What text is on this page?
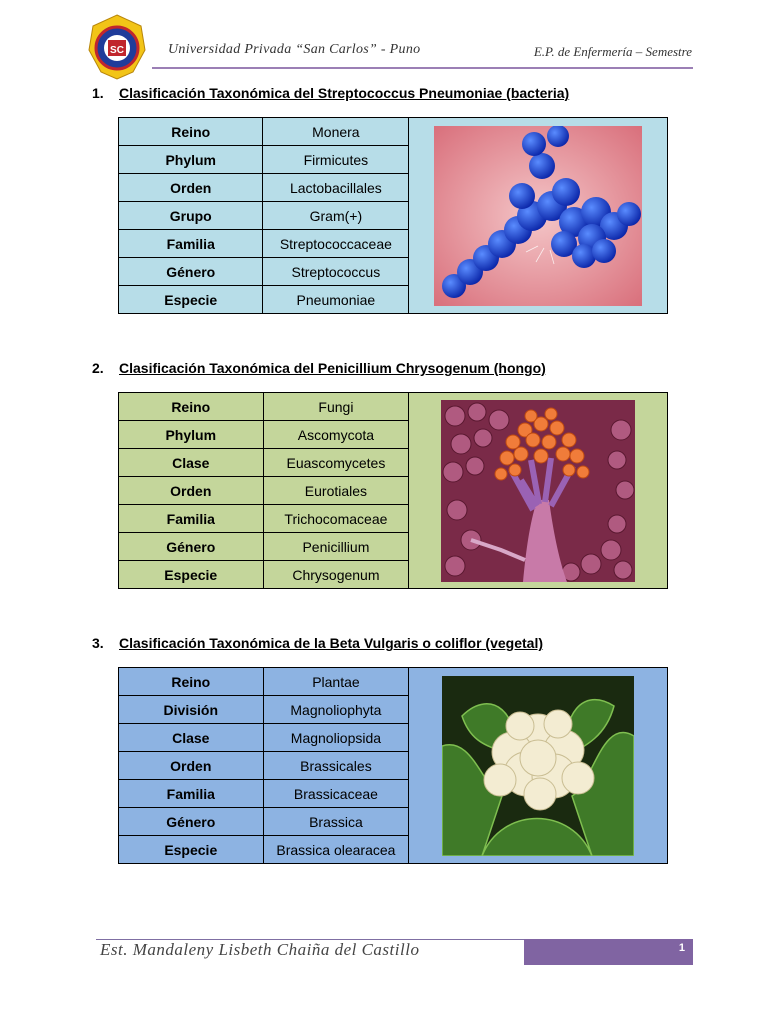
SC	Universidad Privada “San Carlos” - Puno	E.P. de Enfermería – Semestre
1. Clasificación Taxonómica del Streptococcus Pneumoniae (bacteria)
Reino	Monera	

Phylum	Firmicutes	
Orden	Lactobacillales	
Grupo	Gram(+)	
Familia	Streptococcaceae	
Género	Streptococcus	
Especie	Pneumoniae	
2. Clasificación Taxonómica del Penicillium Chrysogenum (hongo)
Reino	Fungi	

Phylum	Ascomycota	
Clase	Euascomycetes	
Orden	Eurotiales	
Familia	Trichocomaceae	
Género	Penicillium	
Especie	Chrysogenum	
3. Clasificación Taxonómica de la Beta Vulgaris o coliflor (vegetal)
Reino	Plantae	

División	Magnoliophyta	
Clase	Magnoliopsida	
Orden	Brassicales	
Familia	Brassicaceae	
Género	Brassica	
Especie	Brassica olearacea	
Est. Mandaleny Lisbeth Chaiña del Castillo	1
